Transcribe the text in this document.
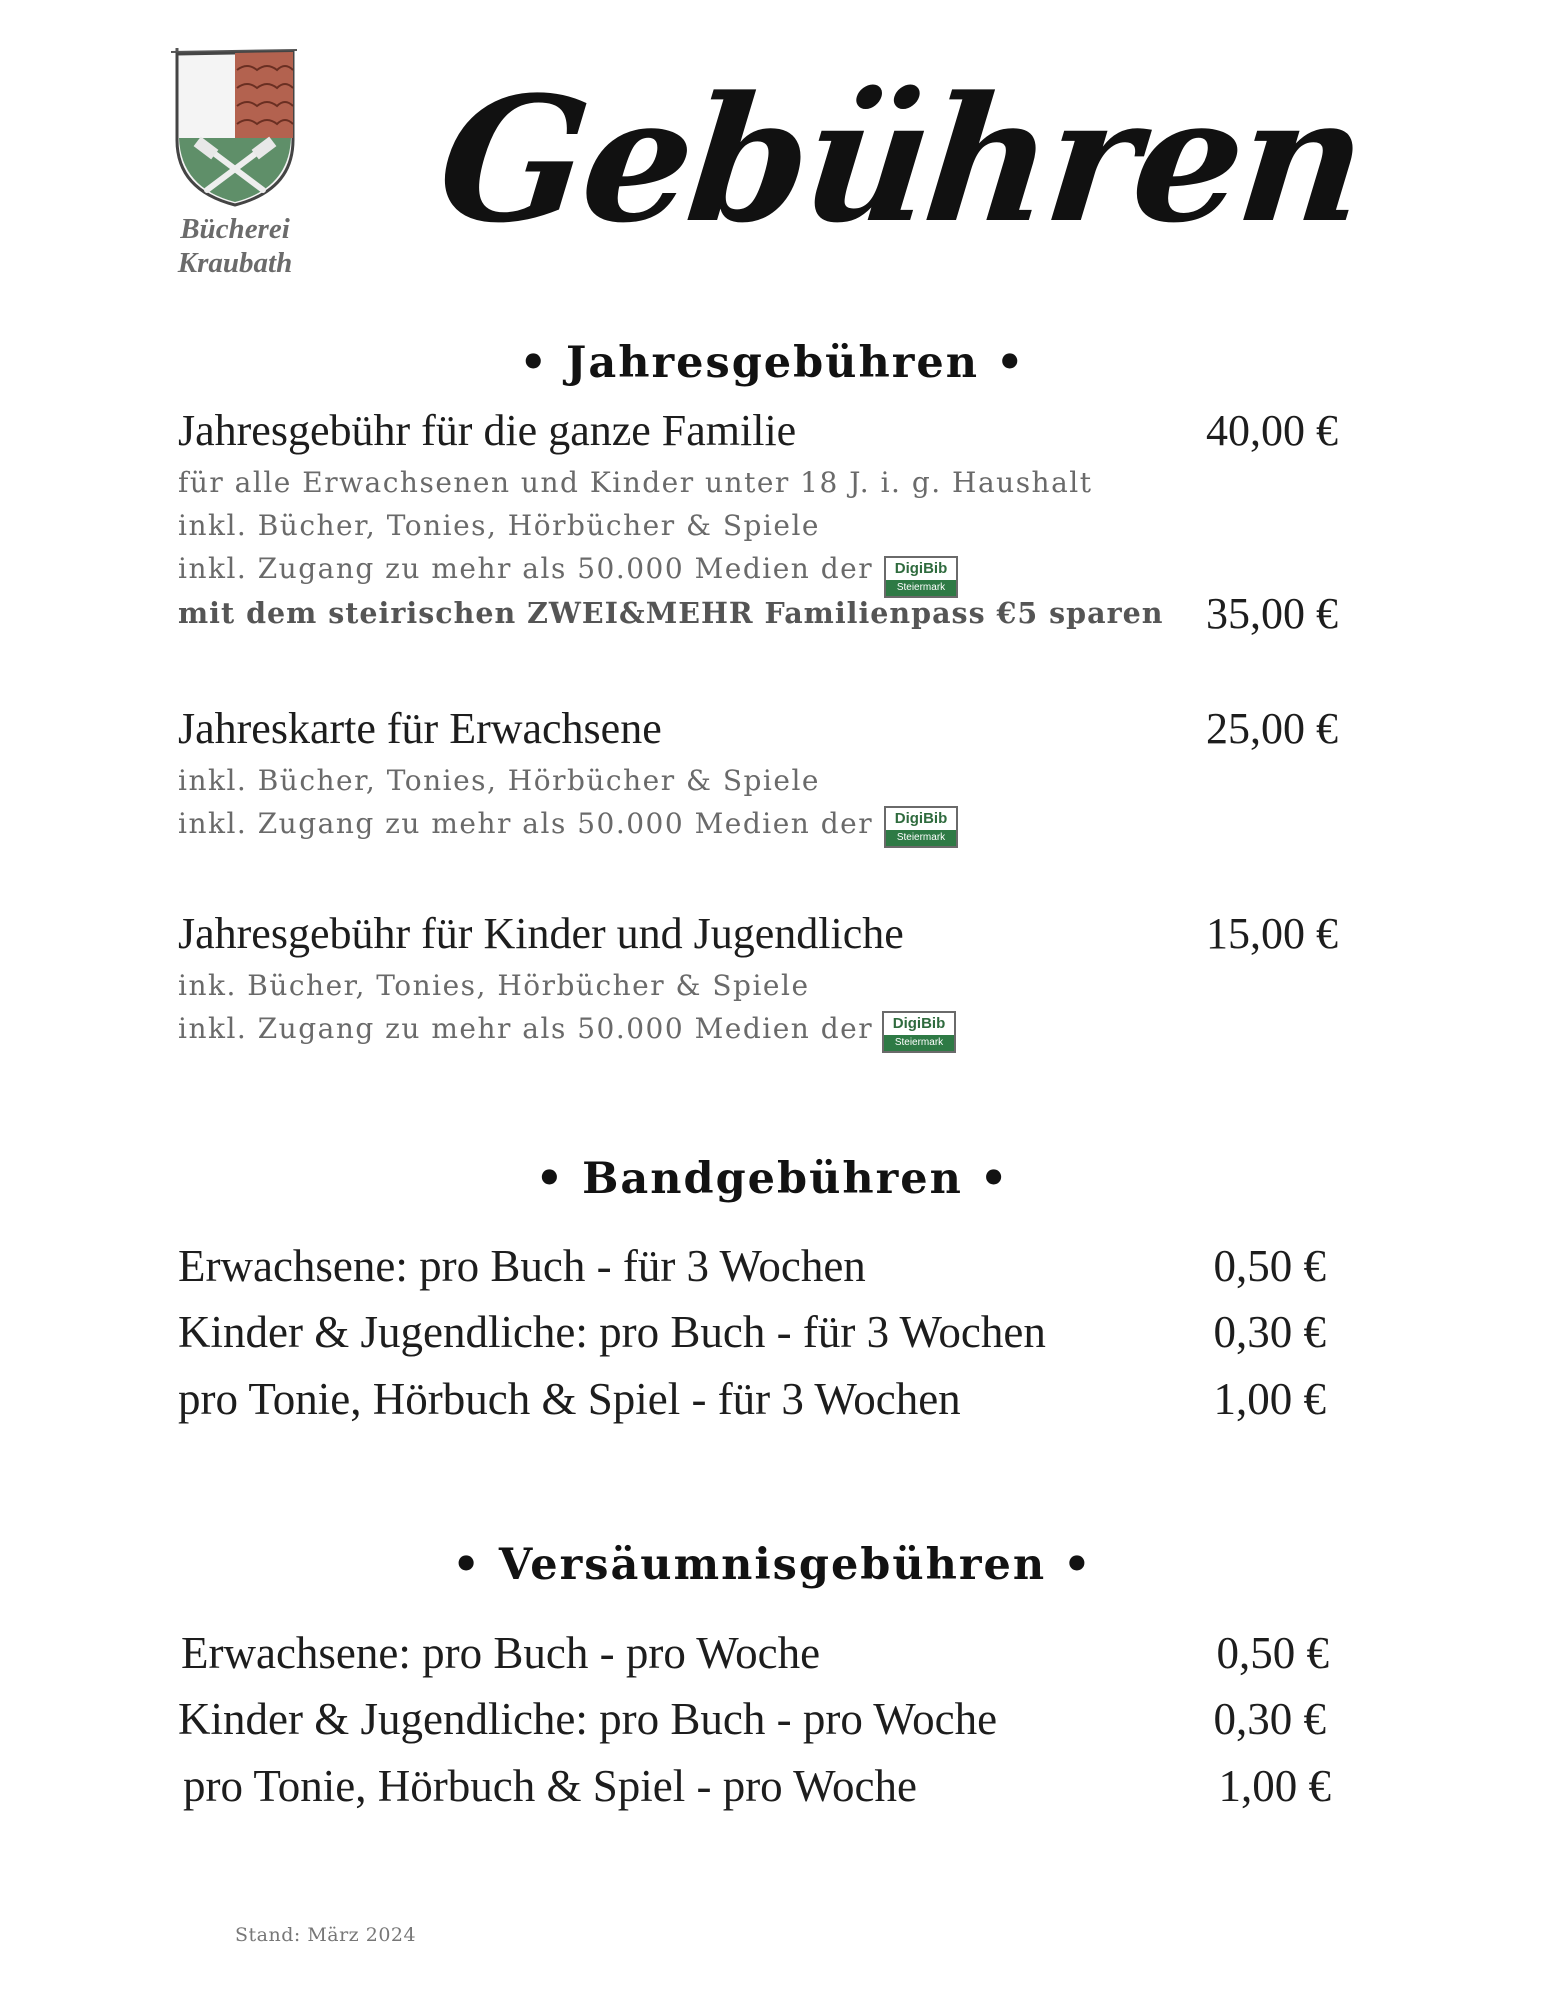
Bücherei
Kraubath
Gebühren
• Jahresgebühren •
Jahresgebühr für die ganze Familie	40,00 €
für alle Erwachsenen und Kinder unter 18 J. i. g. Haushalt
inkl. Bücher, Tonies, Hörbücher & Spiele
inkl. Zugang zu mehr als 50.000 Medien der	DigiBib
Steiermark
mit dem steirischen ZWEI&MEHR Familienpass €5 sparen 35,00 €
Jahreskarte für Erwachsene	25,00 €
inkl. Bücher, Tonies, Hörbücher & Spiele
inkl. Zugang zu mehr als 50.000 Medien der	DigiBib
Steiermark
Jahresgebühr für Kinder und Jugendliche	15,00 €
ink. Bücher, Tonies, Hörbücher & Spiele
inkl. Zugang zu mehr als 50.000 Medien der	DigiBib
Steiermark
• Bandgebühren •
Erwachsene: pro Buch - für 3 Wochen	0,50 €
Kinder & Jugendliche: pro Buch - für 3 Wochen	0,30 €
pro Tonie, Hörbuch & Spiel - für 3 Wochen	1,00 €
• Versäumnisgebühren •
Erwachsene: pro Buch - pro Woche	0,50 €
Kinder & Jugendliche: pro Buch - pro Woche	0,30 €
pro Tonie, Hörbuch & Spiel - pro Woche	1,00 €
Stand: März 2024
